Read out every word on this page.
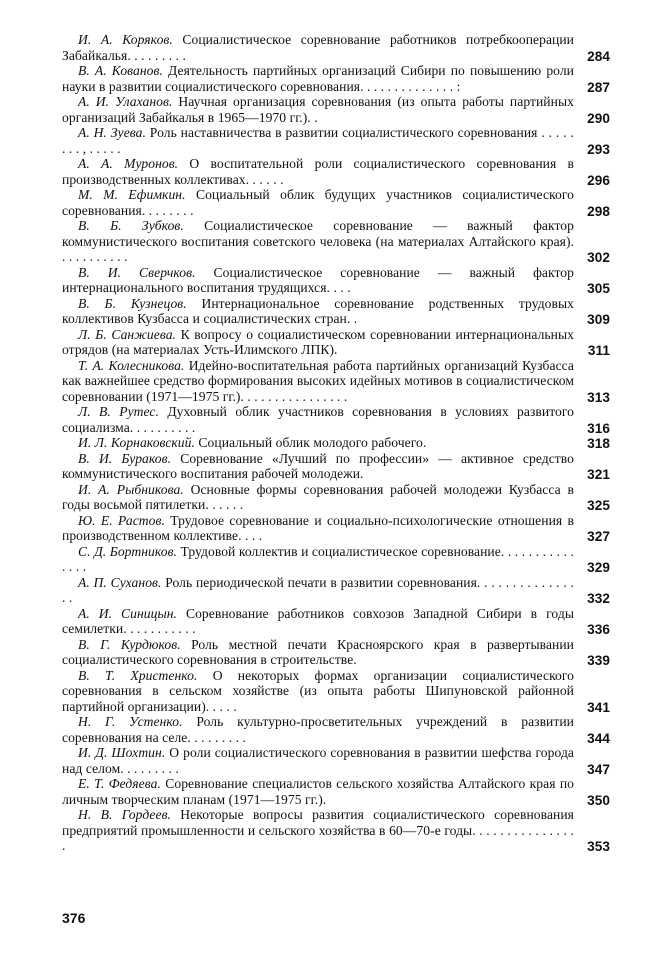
И. А. Коряков. Социалистическое соревнование работников потребкооперации Забайкалья. . . . . . . . .	284
В. А. Кованов. Деятельность партийных организаций Сибири по повышению роли науки в развитии социалистического соревнования. . . . . . . . . . . . . . :	287
А. И. Улаханов. Научная организация соревнования (из опыта работы партийных организаций Забайкалья в 1965—1970 гг.). .	290
А. Н. Зуева. Роль наставничества в развитии социалистического соревнования . . . . . . . . , . . . . .	293
А. А. Муронов. О воспитательной роли социалистического соревнования в производственных коллективах. . . . . .	296
М. М. Ефимкин. Социальный облик будущих участников социалистического соревнования. . . . . . . .	298
В. Б. Зубков. Социалистическое соревнование — важный фактор коммунистического воспитания советского человека (на материалах Алтайского края). . . . . . . . . . .	302
В. И. Сверчков. Социалистическое соревнование — важный фактор интернационального воспитания трудящихся. . . .	305
В. Б. Кузнецов. Интернациональное соревнование родственных трудовых коллективов Кузбасса и социалистических стран. .	309
Л. Б. Санжиева. К вопросу о социалистическом соревновании интернациональных отрядов (на материалах Усть-Илимского ЛПК).	311
Т. А. Колесникова. Идейно-воспитательная работа партийных организаций Кузбасса как важнейшее средство формирования высоких идейных мотивов в социалистическом соревновании (1971—1975 гг.). . . . . . . . . . . . . . . .	313
Л. В. Рутес. Духовный облик участников соревнования в условиях развитого социализма. . . . . . . . . .	316
И. Л. Корнаковский. Социальный облик молодого рабочего.	318
В. И. Бураков. Соревнование «Лучший по профессии» — активное средство коммунистического воспитания рабочей молодежи.	321
И. А. Рыбникова. Основные формы соревнования рабочей молодежи Кузбасса в годы восьмой пятилетки. . . . . .	325
Ю. Е. Растов. Трудовое соревнование и социально-психологические отношения в производственном коллективе. . . .	327
С. Д. Бортников. Трудовой коллектив и социалистическое соревнование. . . . . . . . . . . . . . .	329
А. П. Суханов. Роль периодической печати в развитии соревнования. . . . . . . . . . . . . . . .	332
А. И. Синицын. Соревнование работников совхозов Западной Сибири в годы семилетки. . . . . . . . . . .	336
В. Г. Курдюков. Роль местной печати Красноярского края в развертывании социалистического соревнования в строительстве.	339
В. Т. Христенко. О некоторых формах организации социалистического соревнования в сельском хозяйстве (из опыта работы Шипуновской районной партийной организации). . . . .	341
Н. Г. Устенко. Роль культурно-просветительных учреждений в развитии соревнования на селе. . . . . . . . .	344
И. Д. Шохтин. О роли социалистического соревнования в развитии шефства города над селом. . . . . . . . .	347
Е. Т. Федяева. Соревнование специалистов сельского хозяйства Алтайского края по личным творческим планам (1971—1975 гг.).	350
Н. В. Гордеев. Некоторые вопросы развития социалистического соревнования предприятий промышленности и сельского хозяйства в 60—70-е годы. . . . . . . . . . . . . . . .	353
376
